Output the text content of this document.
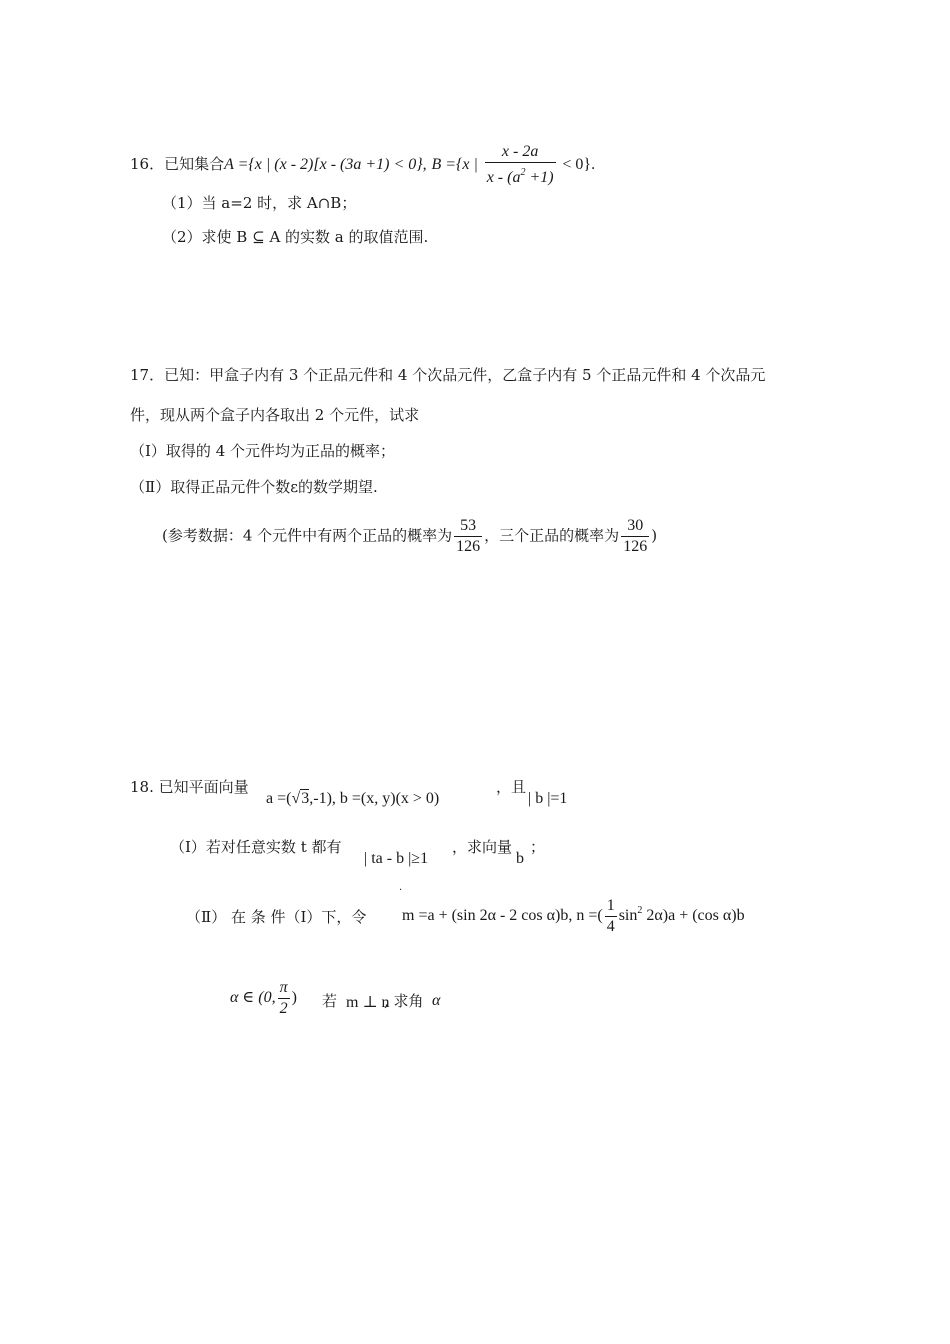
16．已知集合A ={x | (x - 2)[x - (3a +1) < 0}, B ={x | $\frac{x - 2a}{x - (a^2 +1)} < 0$}.
（1）当 a=2 时，求 A∩B；
（2）求使 B ⊆ A 的实数 a 的取值范围.
17．已知：甲盒子内有 3 个正品元件和 4 个次品元件，乙盒子内有 5 个正品元件和 4 个次品元
件，现从两个盒子内各取出 2 个元件，试求
（Ⅰ）取得的 4 个元件均为正品的概率；
（Ⅱ）取得正品元件个数ε的数学期望.
(参考数据：4 个元件中有两个正品的概率为 $\frac{53}{126}$ ，三个正品的概率为 $\frac{30}{126}$ )
18. 已知平面向量
a =(√3,-1), b =(x, y)(x > 0)
，且
| b |=1
（Ⅰ）若对任意实数 t 都有
| ta - b |≥1
，求向量
b
；
·
（Ⅱ） 在 条 件（Ⅰ）下，令 m =a + (sin 2α - 2 cos α)b, n =( $\frac{1}{4} \sin^2 2\alpha)a + (\cos$ α)b
α ∈ (0, $\frac{\pi}{2}$ ) 若 m ⊥ n
, 求角 α
